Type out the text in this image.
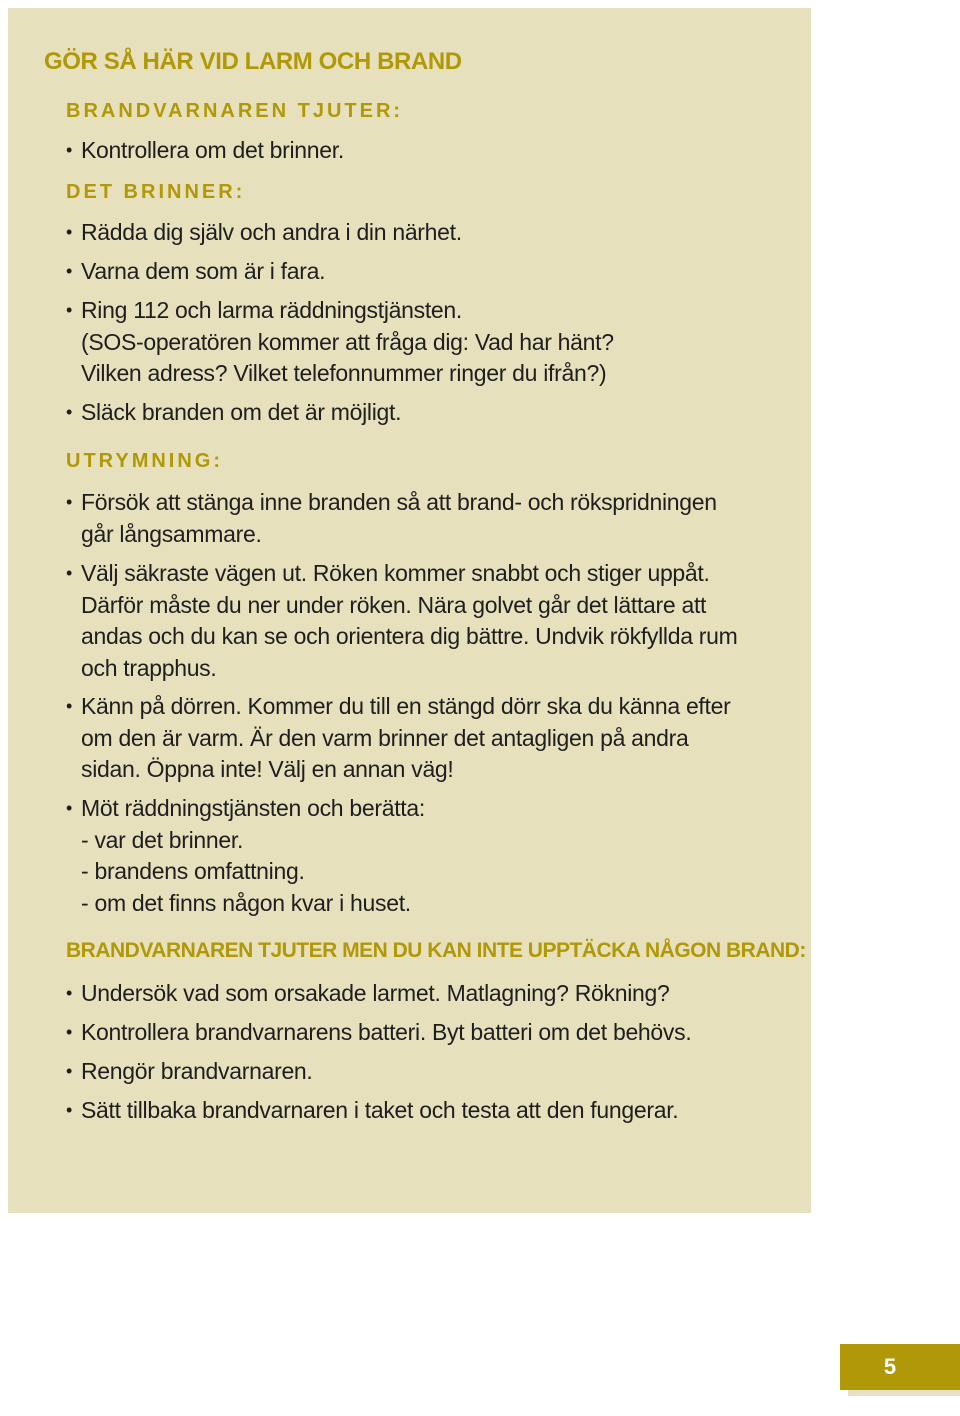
GÖR SÅ HÄR VID LARM OCH BRAND
BRANDVARNAREN TJUTER:
• Kontrollera om det brinner.
DET BRINNER:
• Rädda dig själv och andra i din närhet.
• Varna dem som är i fara.
• Ring 112 och larma räddningstjänsten.
(SOS-operatören kommer att fråga dig: Vad har hänt?
Vilken adress? Vilket telefonnummer ringer du ifrån?)
• Släck branden om det är möjligt.
UTRYMNING:
• Försök att stänga inne branden så att brand- och rökspridningen
går långsammare.
• Välj säkraste vägen ut. Röken kommer snabbt och stiger uppåt.
Därför måste du ner under röken. Nära golvet går det lättare att
andas och du kan se och orientera dig bättre. Undvik rökfyllda rum
och trapphus.
• Känn på dörren. Kommer du till en stängd dörr ska du känna efter
om den är varm. Är den varm brinner det antagligen på andra
sidan. Öppna inte! Välj en annan väg!
• Möt räddningstjänsten och berätta:
- var det brinner.
- brandens omfattning.
- om det finns någon kvar i huset.
BRANDVARNAREN TJUTER MEN DU KAN INTE UPPTÄCKA NÅGON BRAND:
• Undersök vad som orsakade larmet. Matlagning? Rökning?
• Kontrollera brandvarnarens batteri. Byt batteri om det behövs.
• Rengör brandvarnaren.
• Sätt tillbaka brandvarnaren i taket och testa att den fungerar.
5
